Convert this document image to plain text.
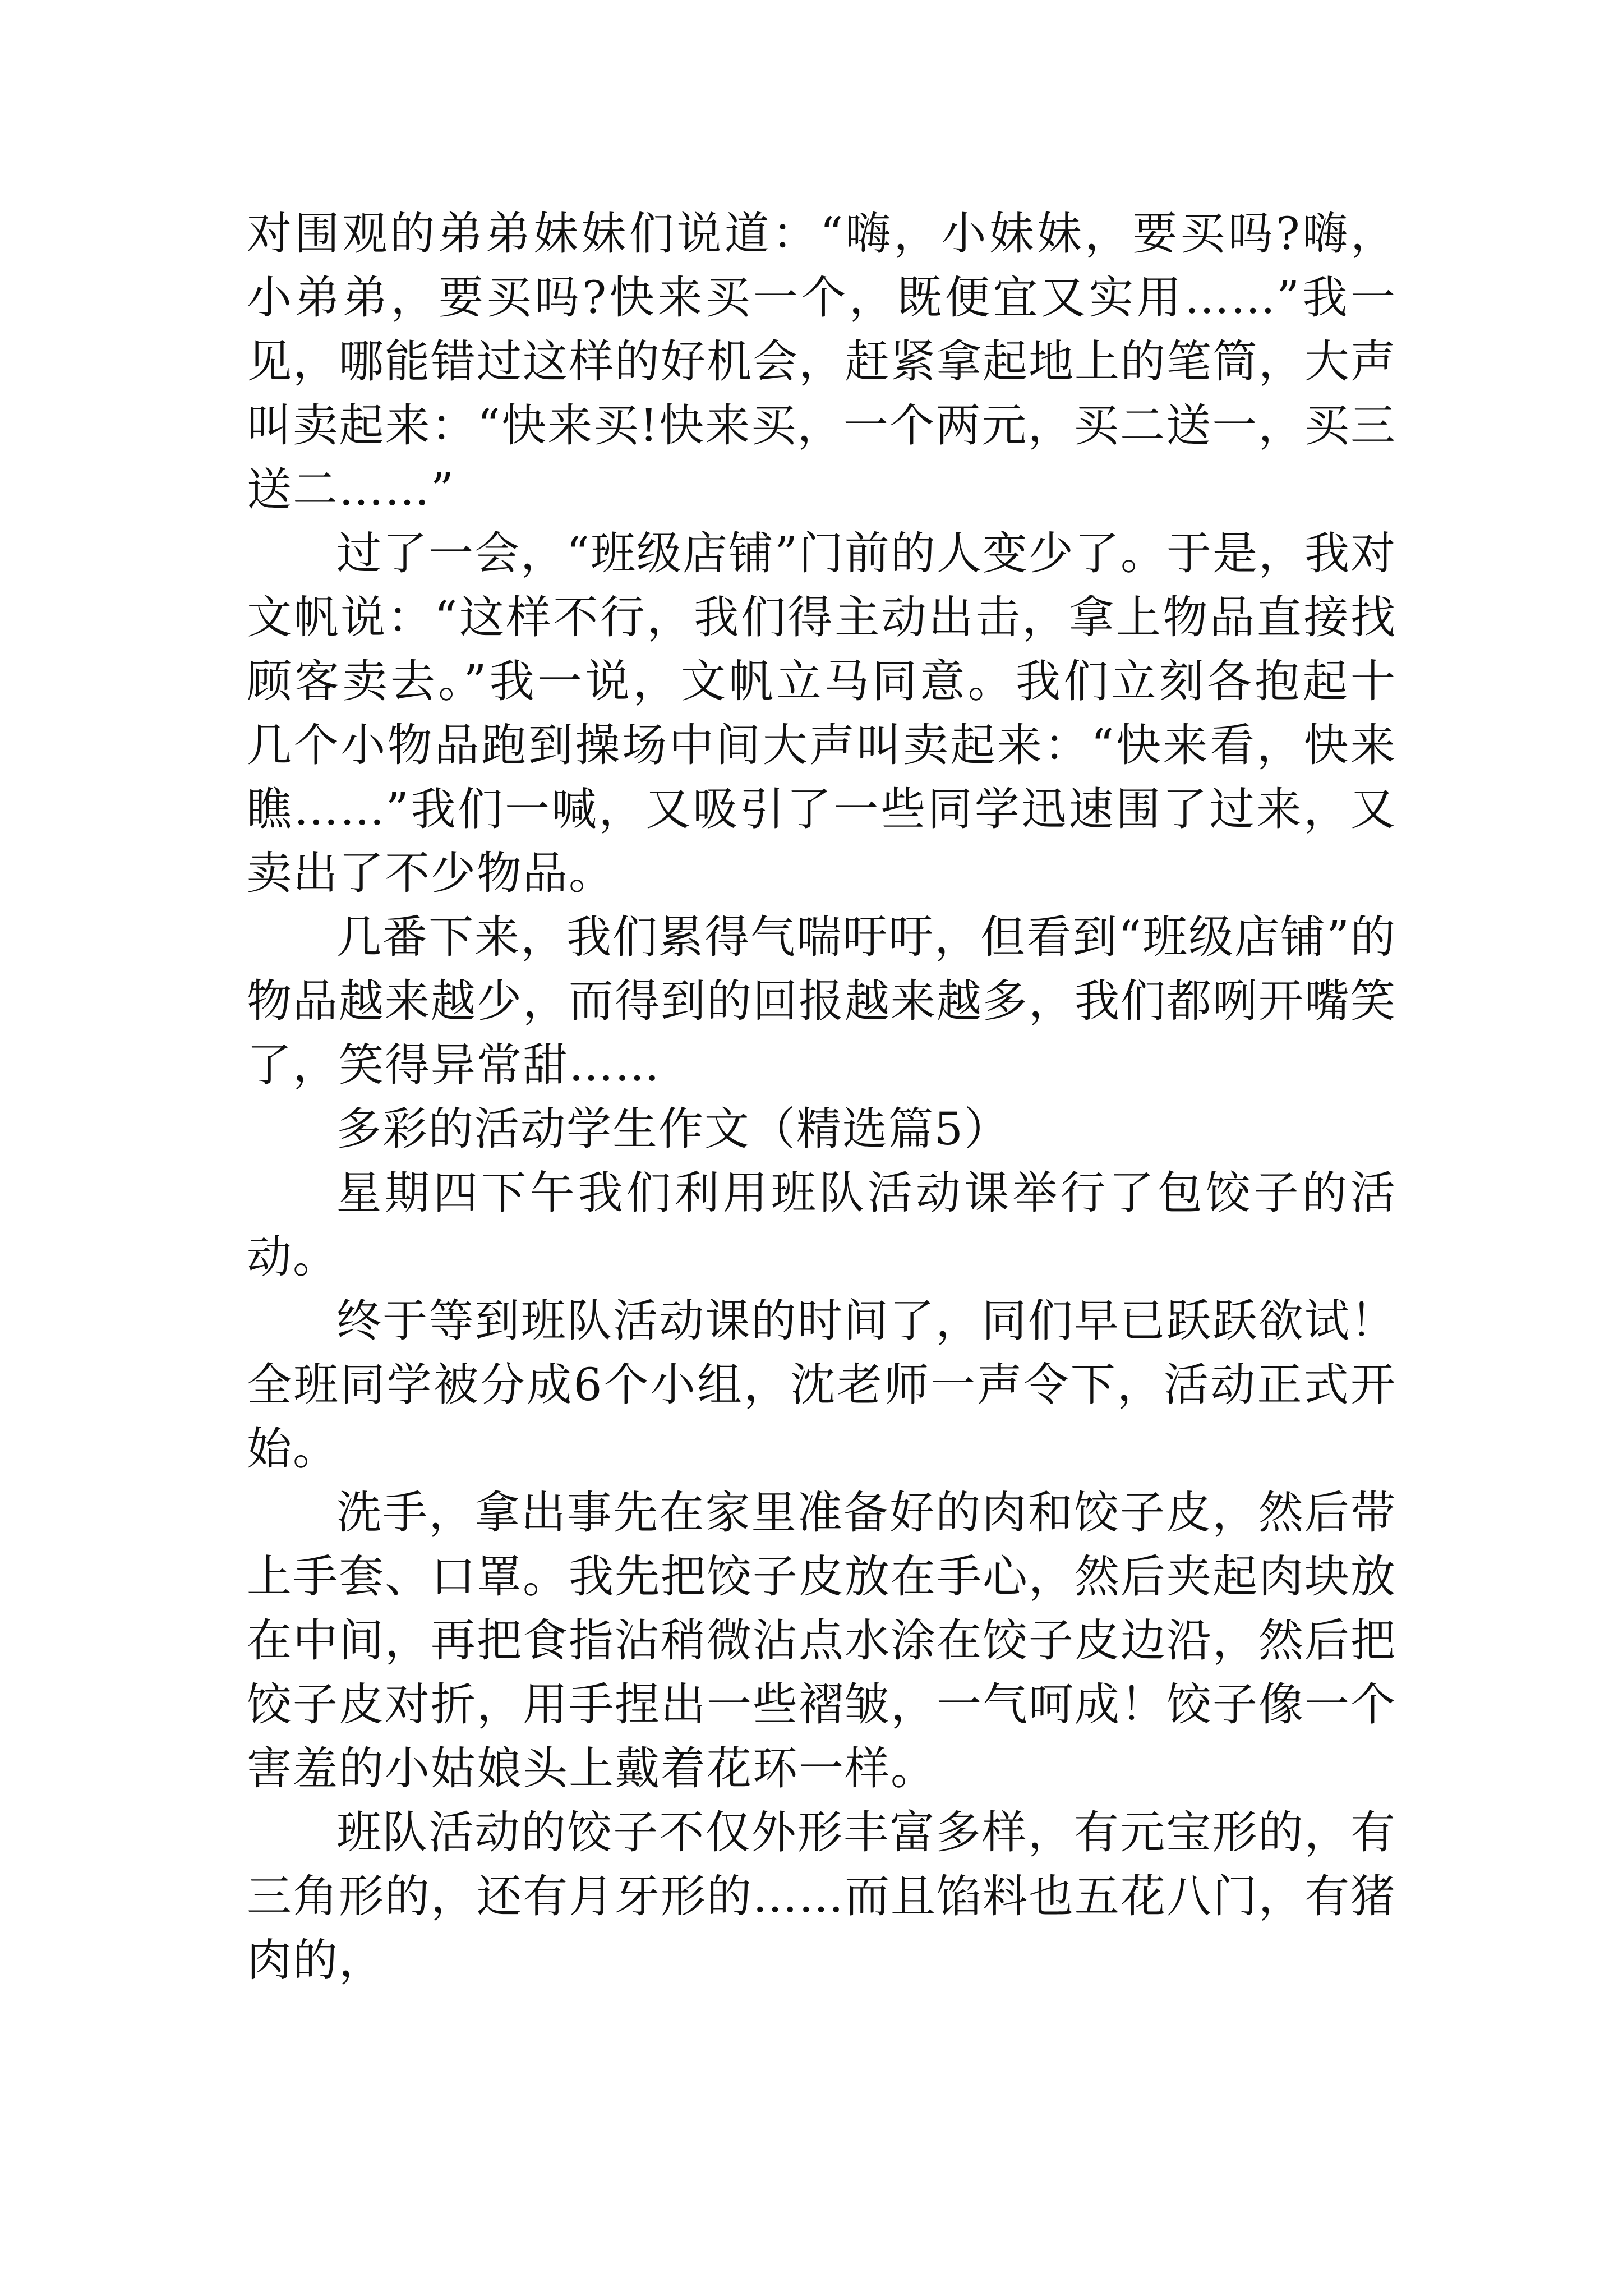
对围观的弟弟妹妹们说道：“嗨，小妹妹，要买吗?嗨，小弟弟，要买吗?快来买一个，既便宜又实用……”我一见，哪能错过这样的好机会，赶紧拿起地上的笔筒，大声叫卖起来：“快来买!快来买，一个两元，买二送一，买三送二……”

过了一会，“班级店铺”门前的人变少了。于是，我对文帆说：“这样不行，我们得主动出击，拿上物品直接找顾客卖去。”我一说，文帆立马同意。我们立刻各抱起十几个小物品跑到操场中间大声叫卖起来：“快来看，快来瞧……”我们一喊，又吸引了一些同学迅速围了过来，又卖出了不少物品。

几番下来，我们累得气喘吁吁，但看到“班级店铺”的物品越来越少，而得到的回报越来越多，我们都咧开嘴笑了，笑得异常甜……

多彩的活动学生作文（精选篇5）

星期四下午我们利用班队活动课举行了包饺子的活动。

终于等到班队活动课的时间了，同们早已跃跃欲试！全班同学被分成6个小组，沈老师一声令下，活动正式开始。

洗手，拿出事先在家里准备好的肉和饺子皮，然后带上手套、口罩。我先把饺子皮放在手心，然后夹起肉块放在中间，再把食指沾稍微沾点水涂在饺子皮边沿，然后把饺子皮对折，用手捏出一些褶皱，一气呵成！饺子像一个害羞的小姑娘头上戴着花环一样。

班队活动的饺子不仅外形丰富多样，有元宝形的，有三角形的，还有月牙形的……而且馅料也五花八门，有猪肉的，
